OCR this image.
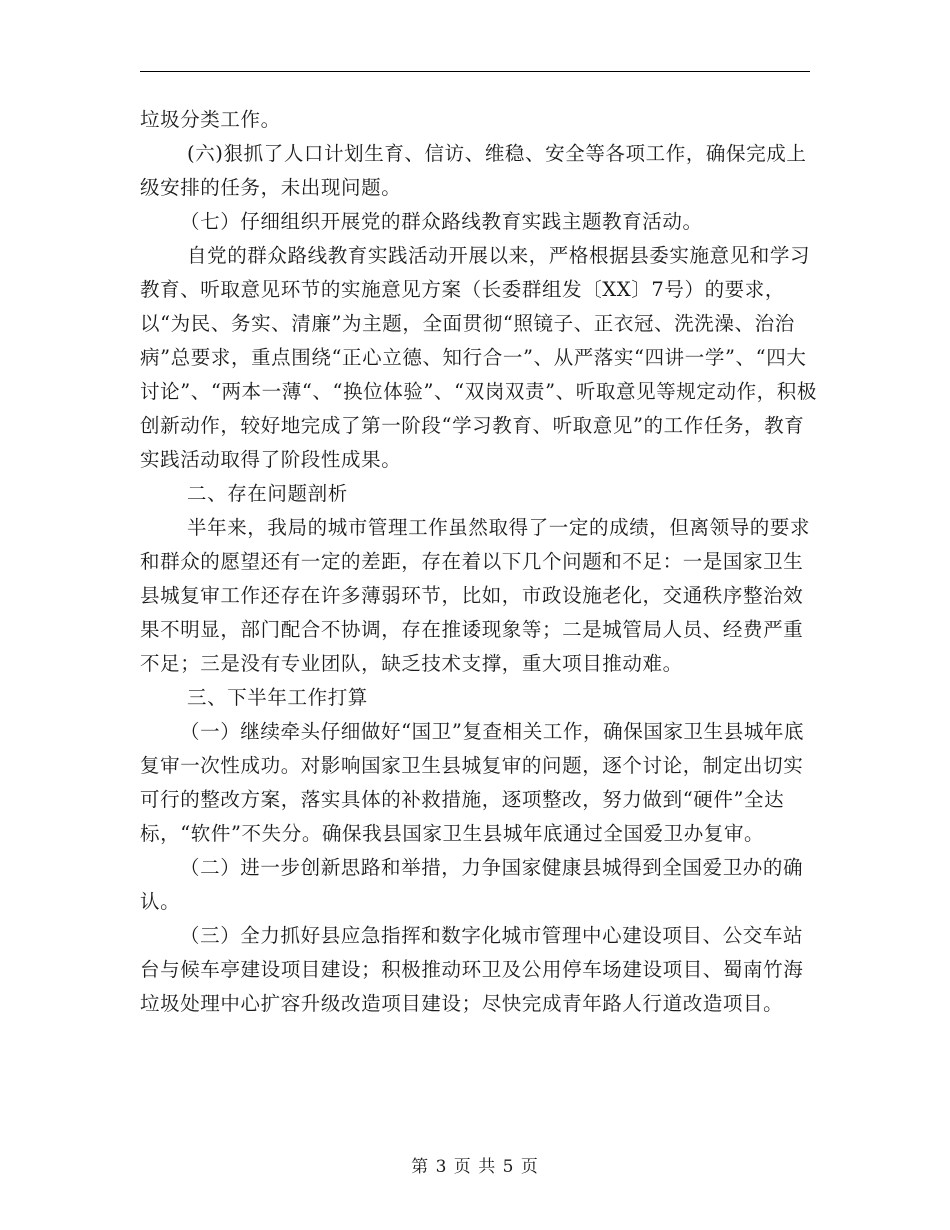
垃圾分类工作。

(六)狠抓了人口计划生育、信访、维稳、安全等各项工作，确保完成上级安排的任务，未出现问题。

（七）仔细组织开展党的群众路线教育实践主题教育活动。

自党的群众路线教育实践活动开展以来，严格根据县委实施意见和学习教育、听取意见环节的实施意见方案（长委群组发〔XX〕7号）的要求，以“为民、务实、清廉”为主题，全面贯彻“照镜子、正衣冠、洗洗澡、治治病”总要求，重点围绕“正心立德、知行合一”、从严落实“四讲一学”、“四大讨论”、“两本一薄“、“换位体验”、“双岗双责”、听取意见等规定动作，积极创新动作，较好地完成了第一阶段“学习教育、听取意见”的工作任务，教育实践活动取得了阶段性成果。

二、存在问题剖析

半年来，我局的城市管理工作虽然取得了一定的成绩，但离领导的要求和群众的愿望还有一定的差距，存在着以下几个问题和不足：一是国家卫生县城复审工作还存在许多薄弱环节，比如，市政设施老化，交通秩序整治效果不明显，部门配合不协调，存在推诿现象等；二是城管局人员、经费严重不足；三是没有专业团队，缺乏技术支撑，重大项目推动难。

三、下半年工作打算

（一）继续牵头仔细做好“国卫”复查相关工作，确保国家卫生县城年底复审一次性成功。对影响国家卫生县城复审的问题，逐个讨论，制定出切实可行的整改方案，落实具体的补救措施，逐项整改，努力做到“硬件”全达标，“软件”不失分。确保我县国家卫生县城年底通过全国爱卫办复审。

（二）进一步创新思路和举措，力争国家健康县城得到全国爱卫办的确认。

（三）全力抓好县应急指挥和数字化城市管理中心建设项目、公交车站台与候车亭建设项目建设；积极推动环卫及公用停车场建设项目、蜀南竹海垃圾处理中心扩容升级改造项目建设；尽快完成青年路人行道改造项目。

第 3 页 共 5 页
